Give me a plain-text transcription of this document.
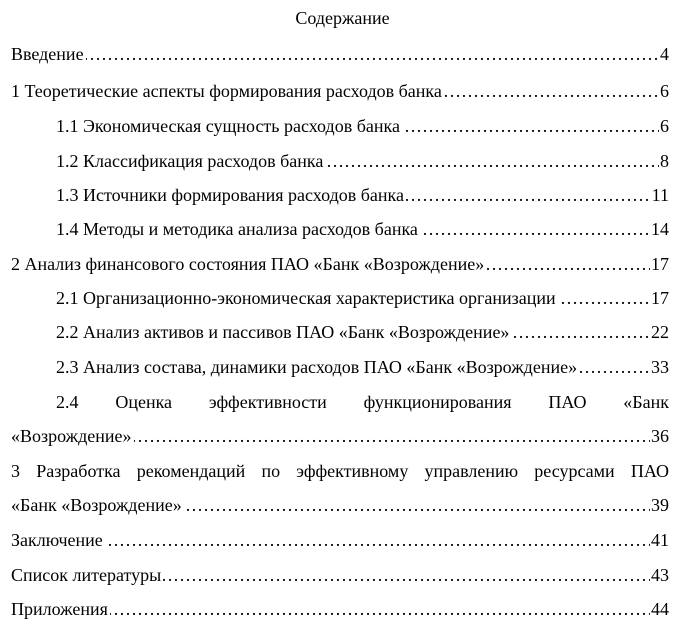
Содержание
…………………………………………………………………………………………………………………………………………………………………………
Введение	4
…………………………………………………………………………………………………………………………………………………………………………
1 Теоретические аспекты формирования расходов банка	6
…………………………………………………………………………………………………………………………………………………………………………
1.1 Экономическая сущность расходов банка	6
…………………………………………………………………………………………………………………………………………………………………………
1.2 Классификация расходов банка	8
…………………………………………………………………………………………………………………………………………………………………………
1.3 Источники формирования расходов банка	11
…………………………………………………………………………………………………………………………………………………………………………
1.4 Методы и методика анализа расходов банка	14
…………………………………………………………………………………………………………………………………………………………………………
2 Анализ финансового состояния ПАО «Банк «Возрождение»	17
…………………………………………………………………………………………………………………………………………………………………………
2.1 Организационно-экономическая характеристика организации	17
…………………………………………………………………………………………………………………………………………………………………………
2.2 Анализ активов и пассивов ПАО «Банк «Возрождение»	22
…………………………………………………………………………………………………………………………………………………………………………
2.3 Анализ состава, динамики расходов ПАО «Банк «Возрождение»	33
2.4 Оценка эффективности функционирования ПАО «Банк
…………………………………………………………………………………………………………………………………………………………………………
«Возрождение»	36
3 Разработка рекомендаций по эффективному управлению ресурсами ПАО
…………………………………………………………………………………………………………………………………………………………………………
«Банк «Возрождение»	39
…………………………………………………………………………………………………………………………………………………………………………
Заключение	41
…………………………………………………………………………………………………………………………………………………………………………
Список литературы	43
…………………………………………………………………………………………………………………………………………………………………………
Приложения	44
